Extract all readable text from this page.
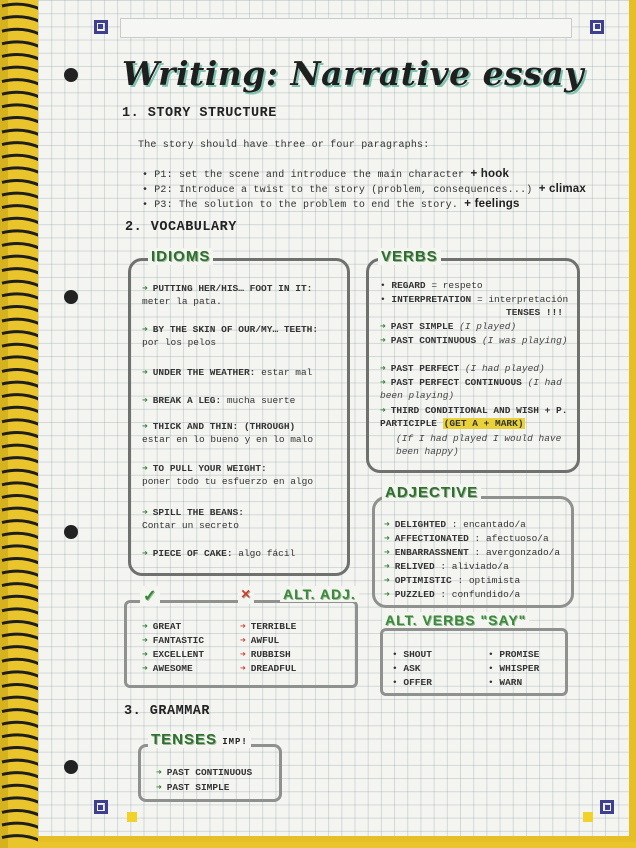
Writing: Narrative essay
1. STORY STRUCTURE
The story should have three or four paragraphs:
• P1: set the scene and introduce the main character + hook
• P2: Introduce a twist to the story (problem, consequences...) + climax
• P3: The solution to the problem to end the story. + feelings
2. VOCABULARY
IDIOMS
➜ PUTTING HER/HIS… FOOT IN IT:
meter la pata.
➜ BY THE SKIN OF OUR/MY… TEETH:
por los pelos
➜ UNDER THE WEATHER: estar mal
➜ BREAK A LEG: mucha suerte
➜ THICK AND THIN: (THROUGH)
estar en lo bueno y en lo malo
➜ TO PULL YOUR WEIGHT:
poner todo tu esfuerzo en algo
➜ SPILL THE BEANS:
Contar un secreto
➜ PIECE OF CAKE: algo fácil
VERBS
• REGARD = respeto
• INTERPRETATION = interpretación
TENSES !!!
➜ PAST SIMPLE (I played)
➜ PAST CONTINUOUS (I was playing)
➜ PAST PERFECT (I had played)
➜ PAST PERFECT CONTINUOUS (I had been playing)
➜ THIRD CONDITIONAL AND WISH + P. PARTICIPLE (GET A + MARK)
(If I had played I would have been happy)
ADJECTIVE
➜ DELIGHTED : encantado/a
➜ AFFECTIONATED : afectuoso/a
➜ ENBARRASSNENT : avergonzado/a
➜ RELIVED : aliviado/a
➜ OPTIMISTIC : optimista
➜ PUZZLED : confundido/a
✓	× ALT. ADJ.
➜ GREAT
➜ FANTASTIC
➜ EXCELLENT
➜ AWESOME
➜ TERRIBLE
➜ AWFUL
➜ RUBBISH
➜ DREADFUL
ALT. VERBS "SAY"
• SHOUT
• ASK
• OFFER
• PROMISE
• WHISPER
• WARN
3. GRAMMAR
TENSES IMP!
➜ PAST CONTINUOUS
➜ PAST SIMPLE
